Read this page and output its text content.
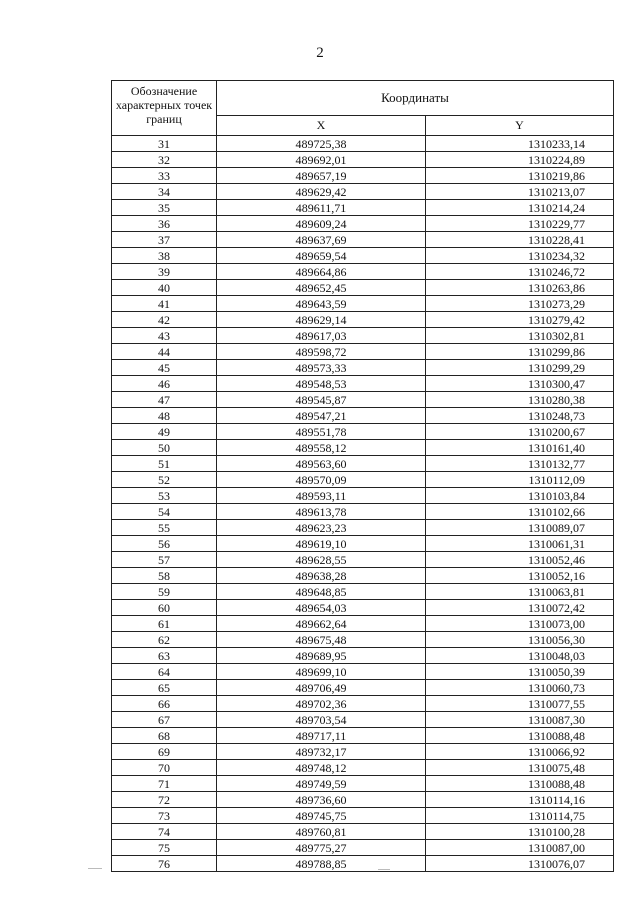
2
Обозначение характерных точек границ	Координаты	
	X	Y
31	489725,38	1310233,14
32	489692,01	1310224,89
33	489657,19	1310219,86
34	489629,42	1310213,07
35	489611,71	1310214,24
36	489609,24	1310229,77
37	489637,69	1310228,41
38	489659,54	1310234,32
39	489664,86	1310246,72
40	489652,45	1310263,86
41	489643,59	1310273,29
42	489629,14	1310279,42
43	489617,03	1310302,81
44	489598,72	1310299,86
45	489573,33	1310299,29
46	489548,53	1310300,47
47	489545,87	1310280,38
48	489547,21	1310248,73
49	489551,78	1310200,67
50	489558,12	1310161,40
51	489563,60	1310132,77
52	489570,09	1310112,09
53	489593,11	1310103,84
54	489613,78	1310102,66
55	489623,23	1310089,07
56	489619,10	1310061,31
57	489628,55	1310052,46
58	489638,28	1310052,16
59	489648,85	1310063,81
60	489654,03	1310072,42
61	489662,64	1310073,00
62	489675,48	1310056,30
63	489689,95	1310048,03
64	489699,10	1310050,39
65	489706,49	1310060,73
66	489702,36	1310077,55
67	489703,54	1310087,30
68	489717,11	1310088,48
69	489732,17	1310066,92
70	489748,12	1310075,48
71	489749,59	1310088,48
72	489736,60	1310114,16
73	489745,75	1310114,75
74	489760,81	1310100,28
75	489775,27	1310087,00
76	489788,85	1310076,07
